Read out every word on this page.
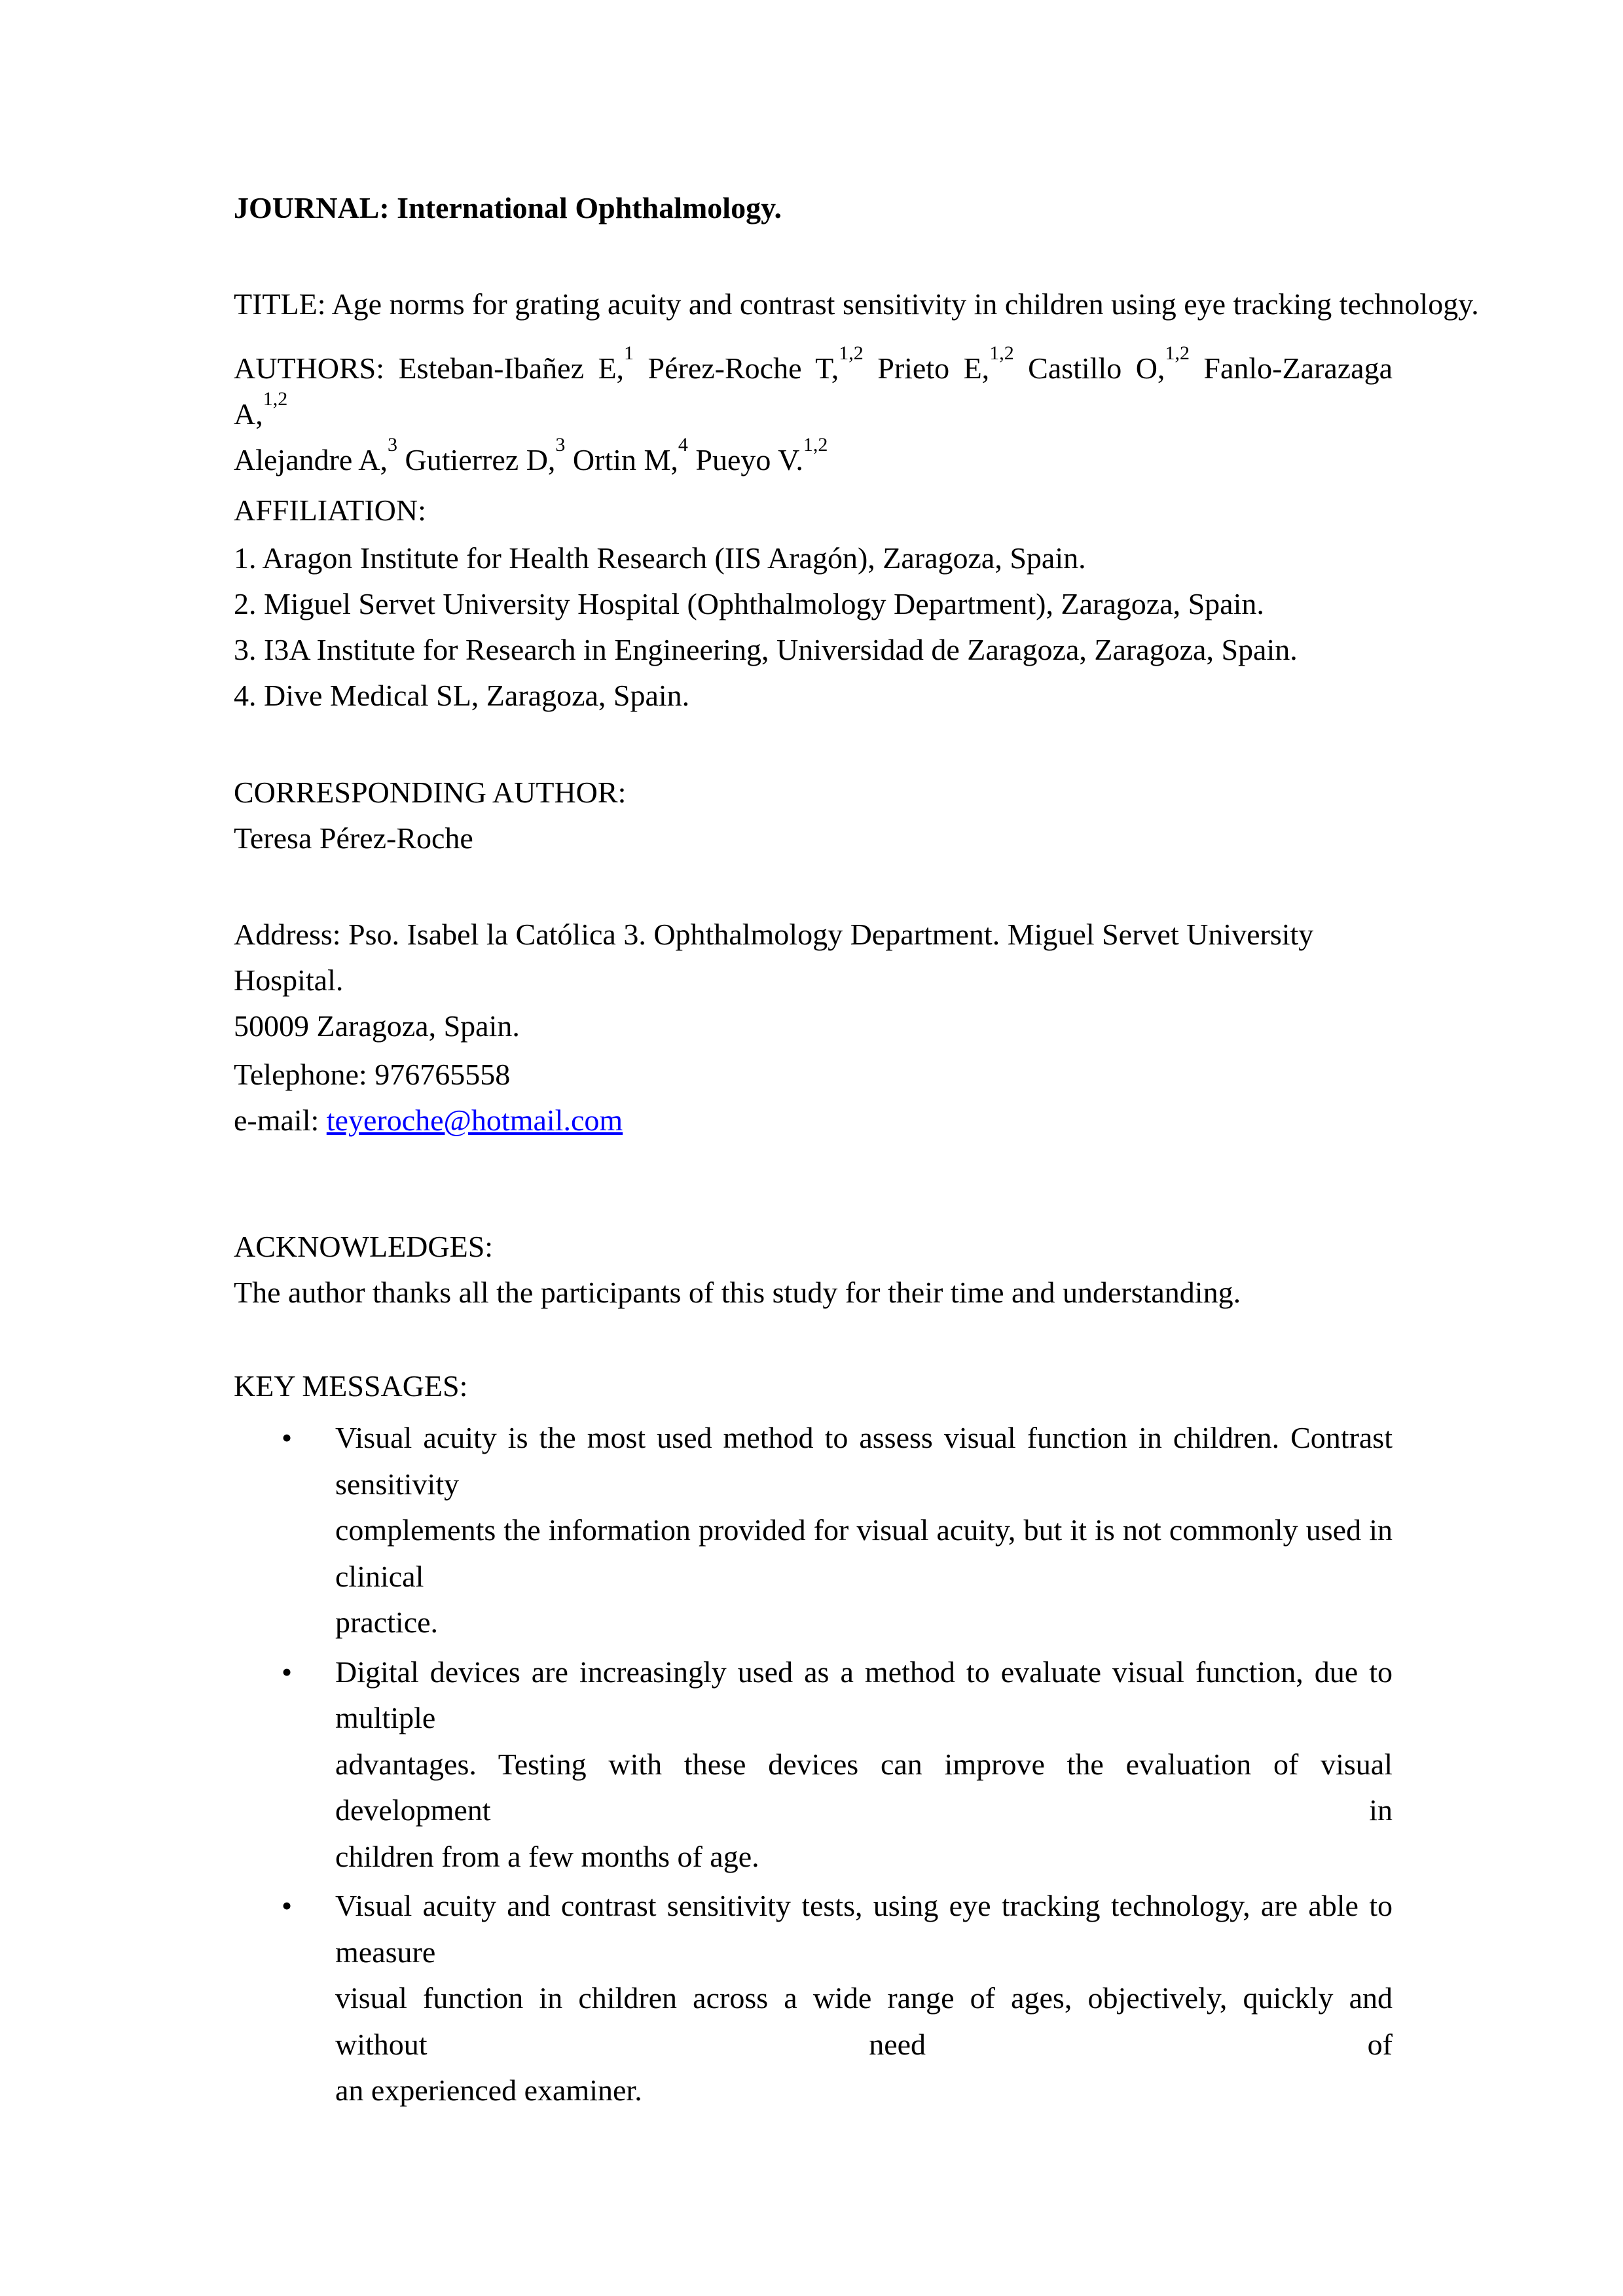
JOURNAL: International Ophthalmology.
TITLE: Age norms for grating acuity and contrast sensitivity in children using eye tracking technology.
AUTHORS: Esteban-Ibañez E,$^1$ Pérez-Roche T,$^{1,2}$ Prieto E,$^{1,2}$ Castillo O,$^{1,2}$ Fanlo-Zarazaga A,$^{1,2}$
Alejandre A,$^3$ Gutierrez D,$^3$ Ortin M,$^4$ Pueyo V.$^{1,2}$
AFFILIATION:
1. Aragon Institute for Health Research (IIS Aragón), Zaragoza, Spain.
2. Miguel Servet University Hospital (Ophthalmology Department), Zaragoza, Spain.
3. I3A Institute for Research in Engineering, Universidad de Zaragoza, Zaragoza, Spain.
4. Dive Medical SL, Zaragoza, Spain.
CORRESPONDING AUTHOR:
Teresa Pérez-Roche
Address: Pso. Isabel la Católica 3. Ophthalmology Department. Miguel Servet University Hospital.
50009 Zaragoza, Spain.
Telephone: 976765558
e-mail: teyeroche@hotmail.com
ACKNOWLEDGES:
The author thanks all the participants of this study for their time and understanding.
KEY MESSAGES:
• Visual acuity is the most used method to assess visual function in children. Contrast sensitivity
complements the information provided for visual acuity, but it is not commonly used in clinical
practice.
• Digital devices are increasingly used as a method to evaluate visual function, due to multiple
advantages. Testing with these devices can improve the evaluation of visual development in
children from a few months of age.
• Visual acuity and contrast sensitivity tests, using eye tracking technology, are able to measure
visual function in children across a wide range of ages, objectively, quickly and without need of
an experienced examiner.
